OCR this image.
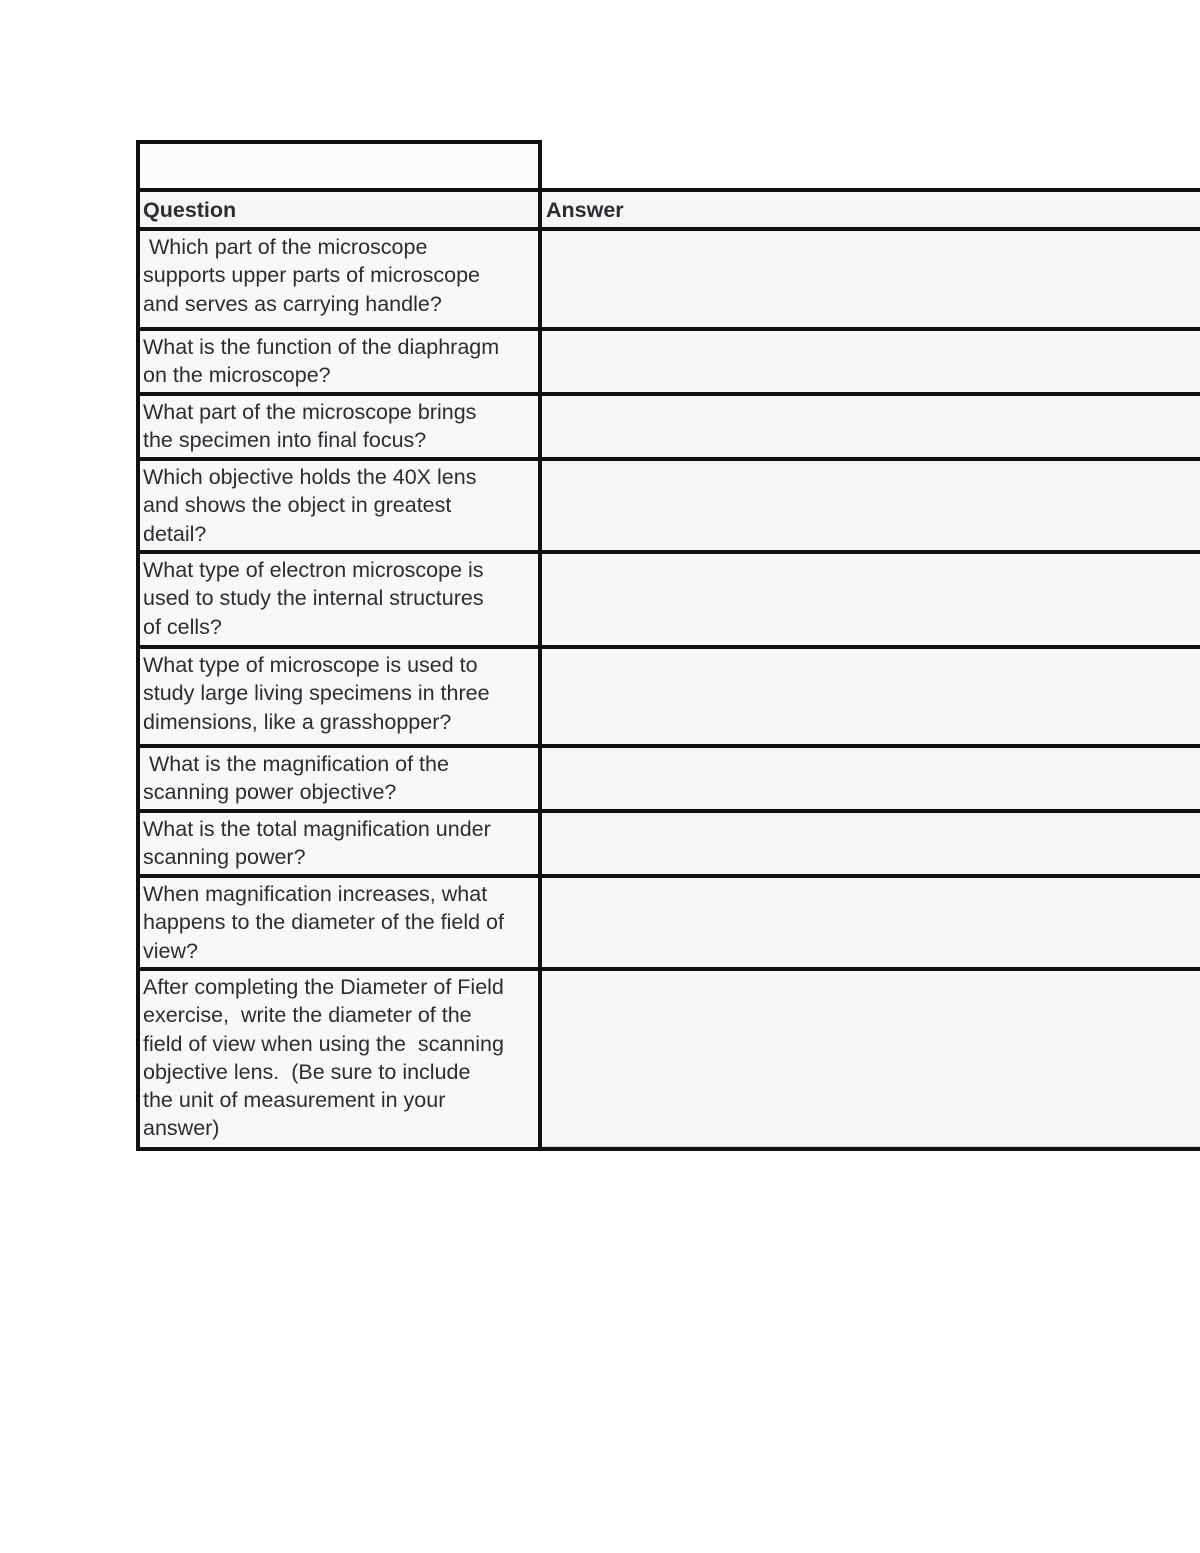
Question	Answer
Which part of the microscope
supports upper parts of microscope
and serves as carrying handle?
What is the function of the diaphragm
on the microscope?
What part of the microscope brings
the specimen into final focus?
Which objective holds the 40X lens
and shows the object in greatest
detail?
What type of electron microscope is
used to study the internal structures
of cells?
What type of microscope is used to
study large living specimens in three
dimensions, like a grasshopper?
What is the magnification of the
scanning power objective?
What is the total magnification under
scanning power?
When magnification increases, what
happens to the diameter of the field of
view?
After completing the Diameter of Field
exercise,  write the diameter of the
field of view when using the  scanning
objective lens.  (Be sure to include
the unit of measurement in your
answer)
